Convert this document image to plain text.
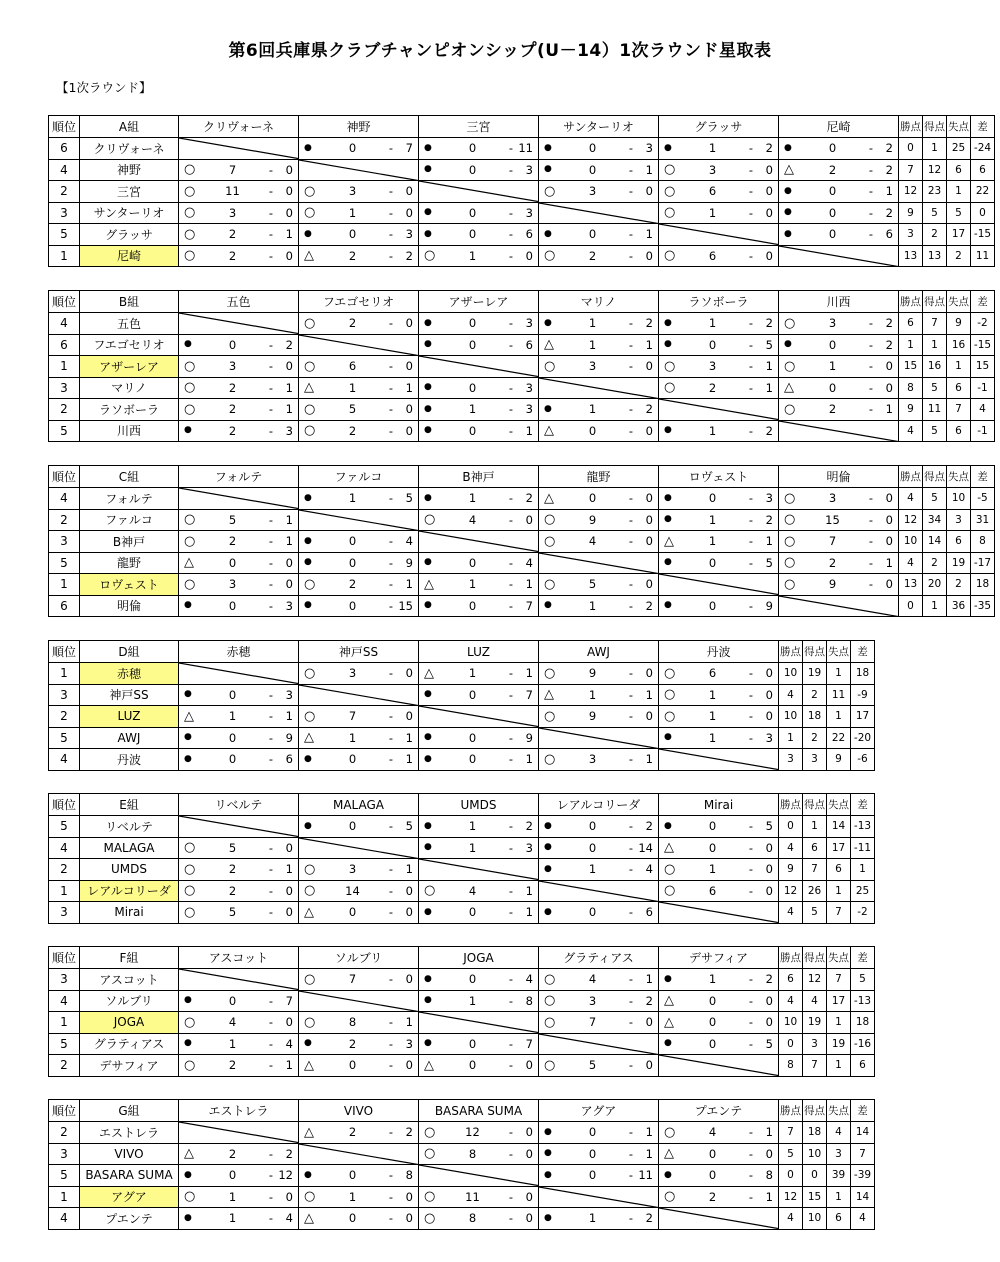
第6回兵庫県クラブチャンピオンシップ(U－14）1次ラウンド星取表
【1次ラウンド】
順位	A組	クリヴォーネ	神野	三宮	サンターリオ	グラッサ	尼崎	勝点	得点	失点	差
6	クリヴォーネ		● 0 - 7	● 0 - 11	● 0 - 3	● 1 - 2	● 0 - 2	0	1	25	-24
4	神野	○ 7 - 0		● 0 - 3	● 0 - 1	○ 3 - 0	△ 2 - 2	7	12	6	6
2	三宮	○ 11 - 0	○ 3 - 0		○ 3 - 0	○ 6 - 0	● 0 - 1	12	23	1	22
3	サンターリオ	○ 3 - 0	○ 1 - 0	● 0 - 3		○ 1 - 0	● 0 - 2	9	5	5	0
5	グラッサ	○ 2 - 1	● 0 - 3	● 0 - 6	● 0 - 1		● 0 - 6	3	2	17	-15
1	尼崎	○ 2 - 0	△ 2 - 2	○ 1 - 0	○ 2 - 0	○ 6 - 0		13	13	2	11
順位	B組	五色	フエゴセリオ	アザーレア	マリノ	ラソボーラ	川西	勝点	得点	失点	差
4	五色		○ 2 - 0	● 0 - 3	● 1 - 2	● 1 - 2	○ 3 - 2	6	7	9	-2
6	フエゴセリオ	● 0 - 2		● 0 - 6	△ 1 - 1	● 0 - 5	● 0 - 2	1	1	16	-15
1	アザーレア	○ 3 - 0	○ 6 - 0		○ 3 - 0	○ 3 - 1	○ 1 - 0	15	16	1	15
3	マリノ	○ 2 - 1	△ 1 - 1	● 0 - 3		○ 2 - 1	△ 0 - 0	8	5	6	-1
2	ラソボーラ	○ 2 - 1	○ 5 - 0	● 1 - 3	● 1 - 2		○ 2 - 1	9	11	7	4
5	川西	● 2 - 3	○ 2 - 0	● 0 - 1	△ 0 - 0	● 1 - 2		4	5	6	-1
順位	C組	フォルテ	ファルコ	B神戸	龍野	ロヴェスト	明倫	勝点	得点	失点	差
4	フォルテ		● 1 - 5	● 1 - 2	△ 0 - 0	● 0 - 3	○ 3 - 0	4	5	10	-5
2	ファルコ	○ 5 - 1		○ 4 - 0	○ 9 - 0	● 1 - 2	○ 15 - 0	12	34	3	31
3	B神戸	○ 2 - 1	● 0 - 4		○ 4 - 0	△ 1 - 1	○ 7 - 0	10	14	6	8
5	龍野	△ 0 - 0	● 0 - 9	● 0 - 4		● 0 - 5	○ 2 - 1	4	2	19	-17
1	ロヴェスト	○ 3 - 0	○ 2 - 1	△ 1 - 1	○ 5 - 0		○ 9 - 0	13	20	2	18
6	明倫	● 0 - 3	● 0 - 15	● 0 - 7	● 1 - 2	● 0 - 9		0	1	36	-35
順位	D組	赤穂	神戸SS	LUZ	AWJ	丹波	勝点	得点	失点	差
1	赤穂		○ 3 - 0	△ 1 - 1	○ 9 - 0	○ 6 - 0	10	19	1	18
3	神戸SS	● 0 - 3		● 0 - 7	△ 1 - 1	○ 1 - 0	4	2	11	-9
2	LUZ	△ 1 - 1	○ 7 - 0		○ 9 - 0	○ 1 - 0	10	18	1	17
5	AWJ	● 0 - 9	△ 1 - 1	● 0 - 9		● 1 - 3	1	2	22	-20
4	丹波	● 0 - 6	● 0 - 1	● 0 - 1	○ 3 - 1		3	3	9	-6
順位	E組	リベルテ	MALAGA	UMDS	レアルコリーダ	Mirai	勝点	得点	失点	差
5	リベルテ		● 0 - 5	● 1 - 2	● 0 - 2	● 0 - 5	0	1	14	-13
4	MALAGA	○ 5 - 0		● 1 - 3	● 0 - 14	△ 0 - 0	4	6	17	-11
2	UMDS	○ 2 - 1	○ 3 - 1		● 1 - 4	○ 1 - 0	9	7	6	1
1	レアルコリーダ	○ 2 - 0	○ 14 - 0	○ 4 - 1		○ 6 - 0	12	26	1	25
3	Mirai	○ 5 - 0	△ 0 - 0	● 0 - 1	● 0 - 6		4	5	7	-2
順位	F組	アスコット	ソルブリ	JOGA	グラティアス	デサフィア	勝点	得点	失点	差
3	アスコット		○ 7 - 0	● 0 - 4	○ 4 - 1	● 1 - 2	6	12	7	5
4	ソルブリ	● 0 - 7		● 1 - 8	○ 3 - 2	△ 0 - 0	4	4	17	-13
1	JOGA	○ 4 - 0	○ 8 - 1		○ 7 - 0	△ 0 - 0	10	19	1	18
5	グラティアス	● 1 - 4	● 2 - 3	● 0 - 7		● 0 - 5	0	3	19	-16
2	デサフィア	○ 2 - 1	△ 0 - 0	△ 0 - 0	○ 5 - 0		8	7	1	6
順位	G組	エストレラ	VIVO	BASARA SUMA	アグア	プエンテ	勝点	得点	失点	差
2	エストレラ		△ 2 - 2	○ 12 - 0	● 0 - 1	○ 4 - 1	7	18	4	14
3	VIVO	△ 2 - 2		○ 8 - 0	● 0 - 1	△ 0 - 0	5	10	3	7
5	BASARA SUMA	● 0 - 12	● 0 - 8		● 0 - 11	● 0 - 8	0	0	39	-39
1	アグア	○ 1 - 0	○ 1 - 0	○ 11 - 0		○ 2 - 1	12	15	1	14
4	プエンテ	● 1 - 4	△ 0 - 0	○ 8 - 0	● 1 - 2		4	10	6	4
